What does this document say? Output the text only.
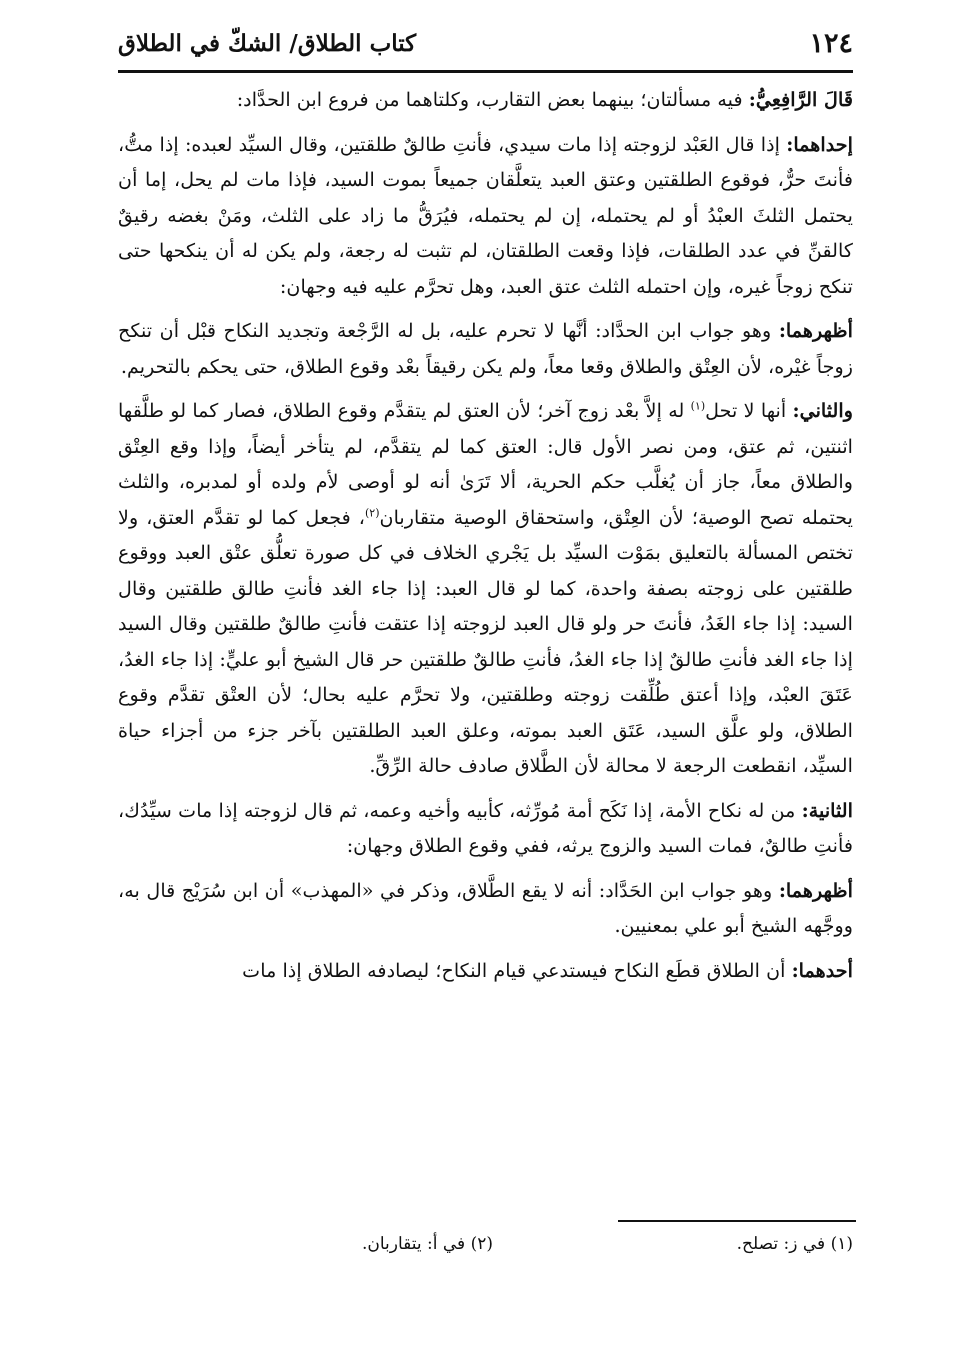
١٢٤
كتاب الطلاق/ الشكّ في الطلاق

قَالَ الرَّافِعِيُّ: فيه مسألتان؛ بينهما بعض التقارب، وكلتاهما من فروع ابن الحدَّاد:

إحداهما: إذا قال العَبْد لزوجته إذا مات سيدي، فأنتِ طالقٌ طلقتين، وقال السيِّد لعبده: إذا متُّ، فأنتَ حرٌّ، فوقوع الطلقتين وعتق العبد يتعلَّقان جميعاً بموت السيد، فإذا مات لم يحل، إما أن يحتمل الثلثَ العبْدُ أو لم يحتمله، إن لم يحتمله، فيُرَقُّ ما زاد على الثلث، ومَنْ بغضه رقيقٌ كالقنِّ في عدد الطلقات، فإذا وقعت الطلقتان، لم تثبت له رجعة، ولم يكن له أن ينكحها حتى تنكح زوجاً غيره، وإن احتمله الثلث عتق العبد، وهل تحرَّم عليه فيه وجهان:

أظهرهما: وهو جواب ابن الحدَّاد: أنَّها لا تحرم عليه، بل له الرَّجْعة وتجديد النكاح قبْل أن تنكح زوجاً غيْره، لأن العِتْق والطلاق وقعا معاً، ولم يكن رقيقاً بعْد وقوع الطلاق، حتى يحكم بالتحريم.

والثاني: أنها لا تحل$^{(١)}$ له إلاَّ بعْد زوج آخر؛ لأن العتق لم يتقدَّم وقوع الطلاق، فصار كما لو طلَّقها اثنتين، ثم عتق، ومن نصر الأول قال: العتق كما لم يتقدَّم، لم يتأخر أيضاً، وإذا وقع العِتْق والطلاق معاً، جاز أن يُغلَّب حكم الحرية، ألا تَرَىٰ أنه لو أوصى لأم ولده أو لمدبره، والثلث يحتمله تصح الوصية؛ لأن العِتْق، واستحقاق الوصية متقاربان$^{(٢)}$، فجعل كما لو تقدَّم العتق، ولا تختص المسألة بالتعليق بمَوْت السيِّد بل يَجْري الخلاف في كل صورة تعلُّق عتْق العبد ووقوع طلقتين على زوجته بصفة واحدة، كما لو قال العبد: إذا جاء الغد فأنتِ طالق طلقتين وقال السيد: إذا جاء الغَدُ، فأنتَ حر ولو قال العبد لزوجته إذا عتقت فأنتِ طالقٌ طلقتين وقال السيد إذا جاء الغد فأنتِ طالقٌ إذا جاء الغدُ، فأنتِ طالقٌ طلقتين حر قال الشيخ أبو عليٍّ: إذا جاء الغدُ، عَتَقَ العبْد، وإذا أعتق طُلِّقت زوجته وطلقتين، ولا تحرَّم عليه بحال؛ لأن العتْق تقدَّم وقوع الطلاق، ولو علَّق السيد، عَتَق العبد بموته، وعلق العبد الطلقتين بآخر جزء من أجزاء حياة السيِّد، انقطعت الرجعة لا محالة لأن الطَّلاق صادف حالة الرِّقِّ.

الثانية: من له نكاح الأمة، إذا نَكَح أمة مُورِّثه، كأبيه وأخيه وعمه، ثم قال لزوجته إذا مات سيِّدُك، فأنتِ طالقٌ، فمات السيد والزوج يرثه، ففي وقوع الطلاق وجهان:

أظهرهما: وهو جواب ابن الحَدَّاد: أنه لا يقع الطَّلاق، وذكر في «المهذب» أن ابن سُرَيْج قال به، ووجَّهه الشيخ أبو علي بمعنيين.

أحدهما: أن الطلاق قطَع النكاح فيستدعي قيام النكاح؛ ليصادفه الطلاق إذا مات

(١) في ز: تصلح.
(٢) في أ: يتقاربان.
